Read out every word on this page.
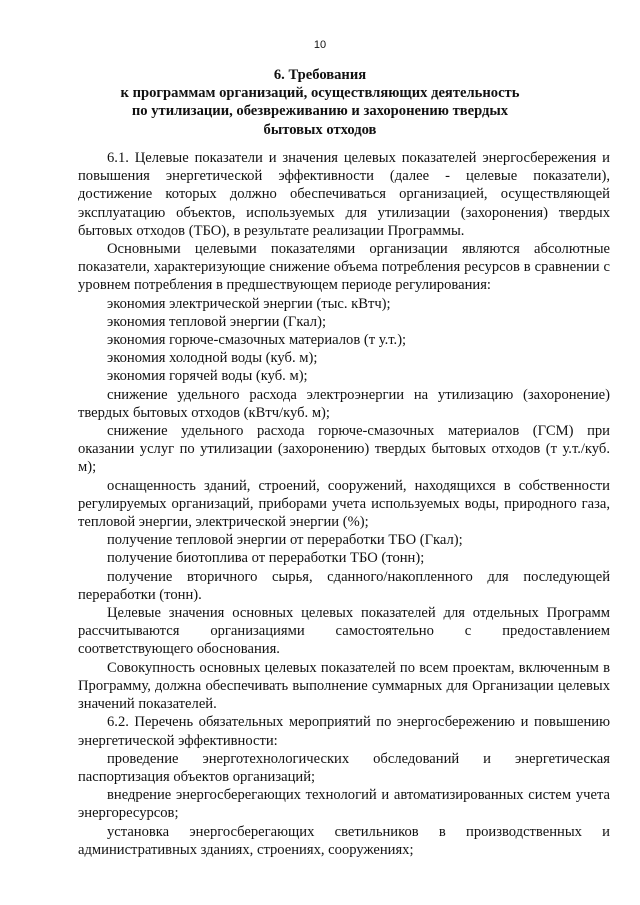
10
6. Требования
к программам организаций, осуществляющих деятельность
по утилизации, обезвреживанию и захоронению твердых
бытовых отходов

6.1. Целевые показатели и значения целевых показателей энергосбережения и повышения энергетической эффективности (далее - целевые показатели), достижение которых должно обеспечиваться организацией, осуществляющей эксплуатацию объектов, используемых для утилизации (захоронения) твердых бытовых отходов (ТБО), в результате реализации Программы.

Основными целевыми показателями организации являются абсолютные показатели, характеризующие снижение объема потребления ресурсов в сравнении с уровнем потребления в предшествующем периоде регулирования:

экономия электрической энергии (тыс. кВтч);

экономия тепловой энергии (Гкал);

экономия горюче-смазочных материалов (т у.т.);

экономия холодной воды (куб. м);

экономия горячей воды (куб. м);

снижение удельного расхода электроэнергии на утилизацию (захоронение) твердых бытовых отходов (кВтч/куб. м);

снижение удельного расхода горюче-смазочных материалов (ГСМ) при оказании услуг по утилизации (захоронению) твердых бытовых отходов (т у.т./куб. м);

оснащенность зданий, строений, сооружений, находящихся в собственности регулируемых организаций, приборами учета используемых воды, природного газа, тепловой энергии, электрической энергии (%);

получение тепловой энергии от переработки ТБО (Гкал);

получение биотоплива от переработки ТБО (тонн);

получение вторичного сырья, сданного/накопленного для последующей переработки (тонн).

Целевые значения основных целевых показателей для отдельных Программ рассчитываются организациями самостоятельно с предоставлением соответствующего обоснования.

Совокупность основных целевых показателей по всем проектам, включенным в Программу, должна обеспечивать выполнение суммарных для Организации целевых значений показателей.

6.2. Перечень обязательных мероприятий по энергосбережению и повышению энергетической эффективности:

проведение энерготехнологических обследований и энергетическая паспортизация объектов организаций;

внедрение энергосберегающих технологий и автоматизированных систем учета энергоресурсов;

установка энергосберегающих светильников в производственных и административных зданиях, строениях, сооружениях;
